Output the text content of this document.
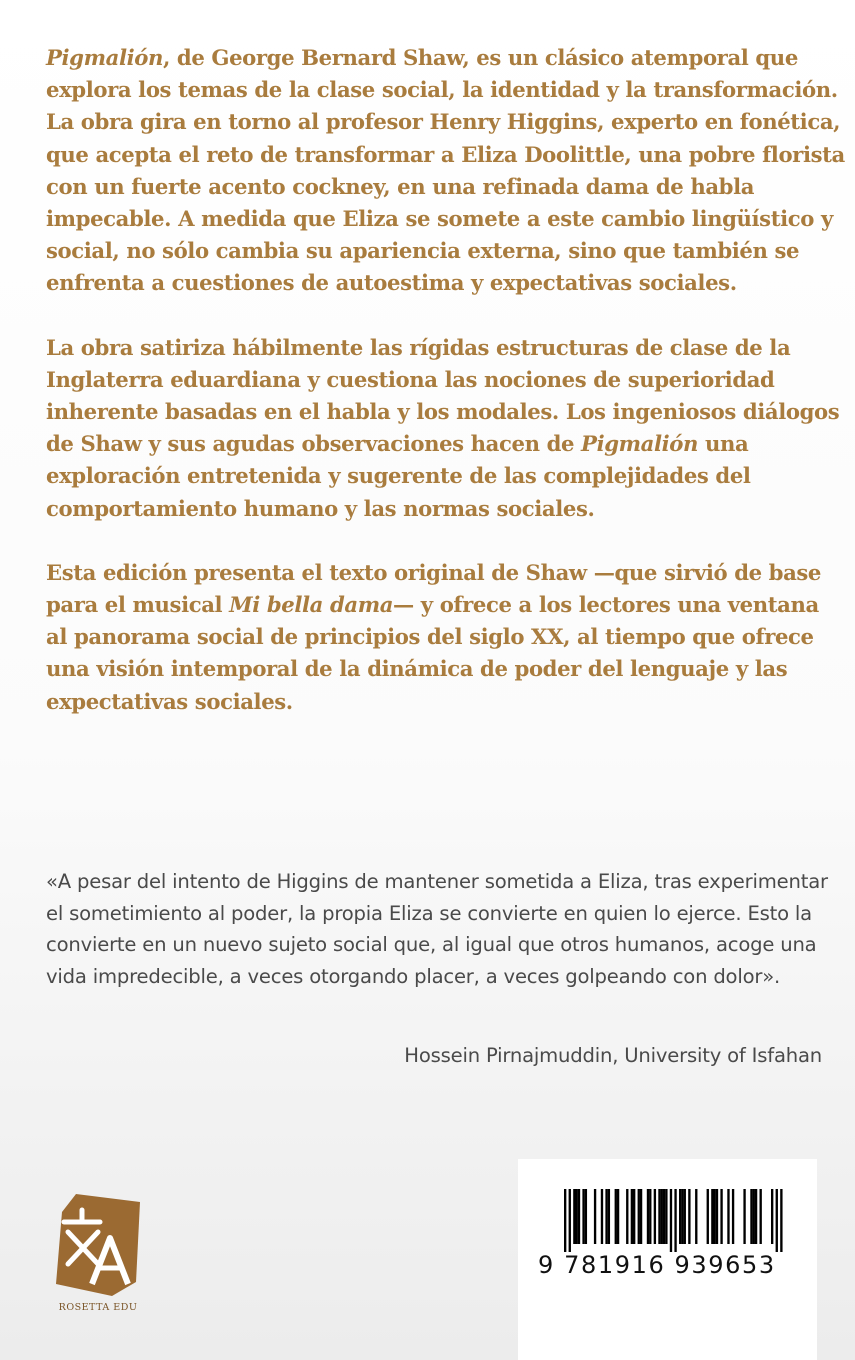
Pigmalión, de George Bernard Shaw, es un clásico atemporal que explora los temas de la clase social, la identidad y la transformación. La obra gira en torno al profesor Henry Higgins, experto en fonética, que acepta el reto de transformar a Eliza Doolittle, una pobre florista con un fuerte acento cockney, en una refinada dama de habla impecable. A medida que Eliza se somete a este cambio lingüístico y social, no sólo cambia su apariencia externa, sino que también se enfrenta a cuestiones de autoestima y expectativas sociales.

La obra satiriza hábilmente las rígidas estructuras de clase de la Inglaterra eduardiana y cuestiona las nociones de superioridad inherente basadas en el habla y los modales. Los ingeniosos diálogos de Shaw y sus agudas observaciones hacen de Pigmalión una exploración entretenida y sugerente de las complejidades del comportamiento humano y las normas sociales.

Esta edición presenta el texto original de Shaw —que sirvió de base para el musical Mi bella dama— y ofrece a los lectores una ventana al panorama social de principios del siglo XX, al tiempo que ofrece una visión intemporal de la dinámica de poder del lenguaje y las expectativas sociales.

«A pesar del intento de Higgins de mantener sometida a Eliza, tras experimentar el sometimiento al poder, la propia Eliza se convierte en quien lo ejerce. Esto la convierte en un nuevo sujeto social que, al igual que otros humanos, acoge una vida impredecible, a veces otorgando placer, a veces golpeando con dolor».
Hossein Pirnajmuddin, University of Isfahan
ROSETTA EDU
9 781916 939653
